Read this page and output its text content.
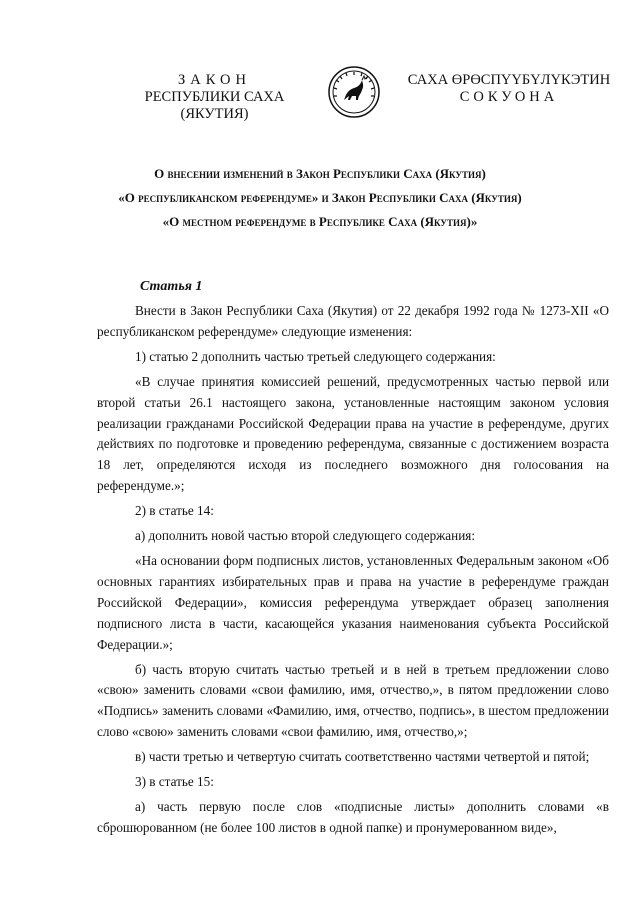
ЗАКОН
РЕСПУБЛИКИ САХА (ЯКУТИЯ)
САХА ӨРӨСПҮҮБҮЛҮКЭТИН
СОКУОНА
О внесении изменений в Закон Республики Саха (Якутия)
«О республиканском референдуме» и Закон Республики Саха (Якутия)
«О местном референдуме в Республике Саха (Якутия)»
Статья 1

Внести в Закон Республики Саха (Якутия) от 22 декабря 1992 года № 1273-XII «О республиканском референдуме» следующие изменения:

1) статью 2 дополнить частью третьей следующего содержания:

«В случае принятия комиссией решений, предусмотренных частью первой или второй статьи 26.1 настоящего закона, установленные настоящим законом условия реализации гражданами Российской Федерации права на участие в референдуме, других действиях по подготовке и проведению референдума, связанные с достижением возраста 18 лет, определяются исходя из последнего возможного дня голосования на референдуме.»;

2) в статье 14:

а) дополнить новой частью второй следующего содержания:

«На основании форм подписных листов, установленных Федеральным законом «Об основных гарантиях избирательных прав и права на участие в референдуме граждан Российской Федерации», комиссия референдума утверждает образец заполнения подписного листа в части, касающейся указания наименования субъекта Российской Федерации.»;

б) часть вторую считать частью третьей и в ней в третьем предложении слово «свою» заменить словами «свои фамилию, имя, отчество,», в пятом предложении слово «Подпись» заменить словами «Фамилию, имя, отчество, подпись», в шестом предложении слово «свою» заменить словами «свои фамилию, имя, отчество,»;

в) части третью и четвертую считать соответственно частями четвертой и пятой;

3) в статье 15:

а) часть первую после слов «подписные листы» дополнить словами «в сброшюрованном (не более 100 листов в одной папке) и пронумерованном виде»,
